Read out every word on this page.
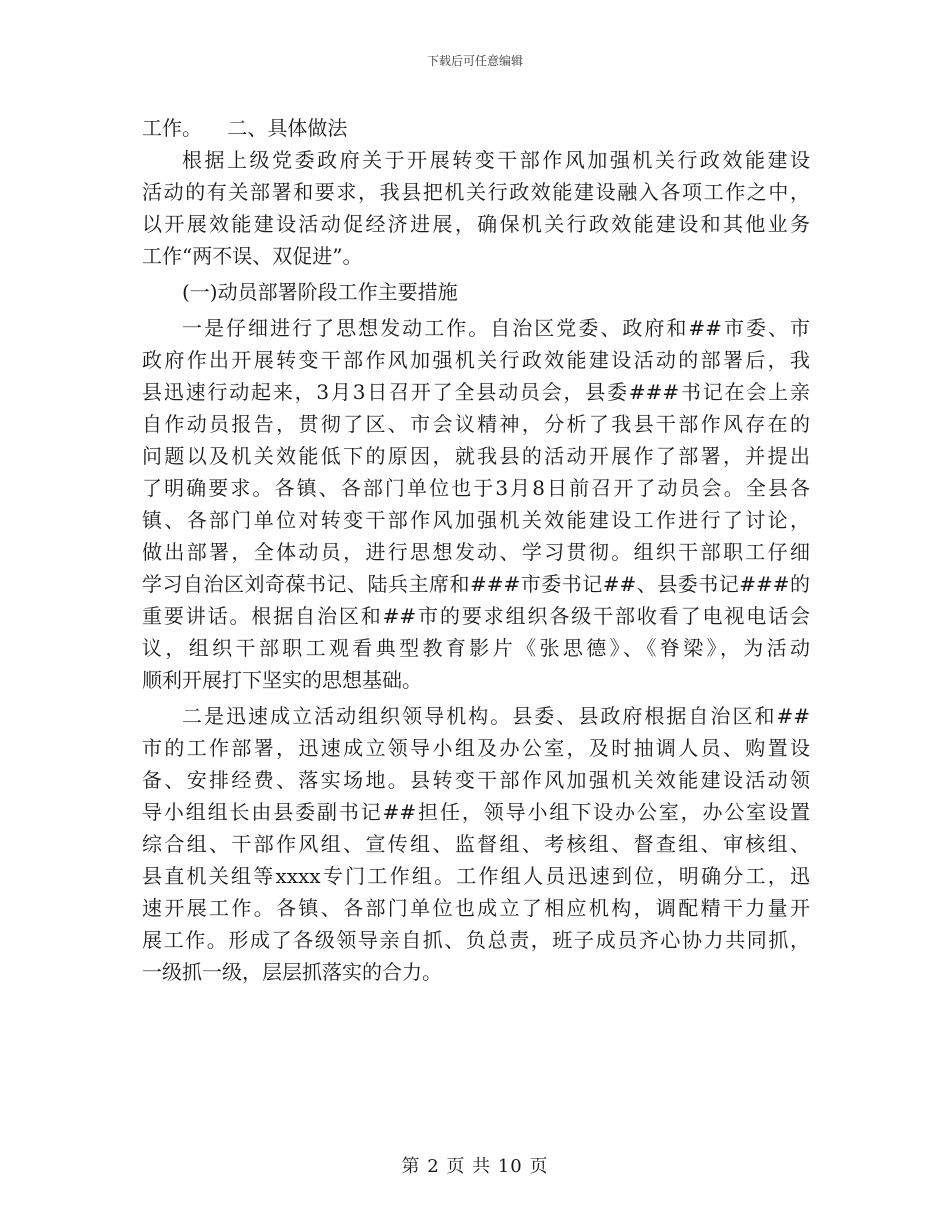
下载后可任意编辑
工作。    二、具体做法
根据上级党委政府关于开展转变干部作风加强机关行政效能建设
活动的有关部署和要求，我县把机关行政效能建设融入各项工作之中，
以开展效能建设活动促经济进展，确保机关行政效能建设和其他业务
工作“两不误、双促进”。
(一)动员部署阶段工作主要措施
一是仔细进行了思想发动工作。自治区党委、政府和##市委、市
政府作出开展转变干部作风加强机关行政效能建设活动的部署后，我
县迅速行动起来，3月3日召开了全县动员会，县委###书记在会上亲
自作动员报告，贯彻了区、市会议精神，分析了我县干部作风存在的
问题以及机关效能低下的原因，就我县的活动开展作了部署，并提出
了明确要求。各镇、各部门单位也于3月8日前召开了动员会。全县各
镇、各部门单位对转变干部作风加强机关效能建设工作进行了讨论，
做出部署，全体动员，进行思想发动、学习贯彻。组织干部职工仔细
学习自治区刘奇葆书记、陆兵主席和###市委书记##、县委书记###的
重要讲话。根据自治区和##市的要求组织各级干部收看了电视电话会
议，组织干部职工观看典型教育影片《张思德》、《脊梁》，为活动
顺利开展打下坚实的思想基础。
二是迅速成立活动组织领导机构。县委、县政府根据自治区和##
市的工作部署，迅速成立领导小组及办公室，及时抽调人员、购置设
备、安排经费、落实场地。县转变干部作风加强机关效能建设活动领
导小组组长由县委副书记##担任，领导小组下设办公室，办公室设置
综合组、干部作风组、宣传组、监督组、考核组、督查组、审核组、
县直机关组等xxxx专门工作组。工作组人员迅速到位，明确分工，迅
速开展工作。各镇、各部门单位也成立了相应机构，调配精干力量开
展工作。形成了各级领导亲自抓、负总责，班子成员齐心协力共同抓，
一级抓一级，层层抓落实的合力。
第 2 页 共 10 页
